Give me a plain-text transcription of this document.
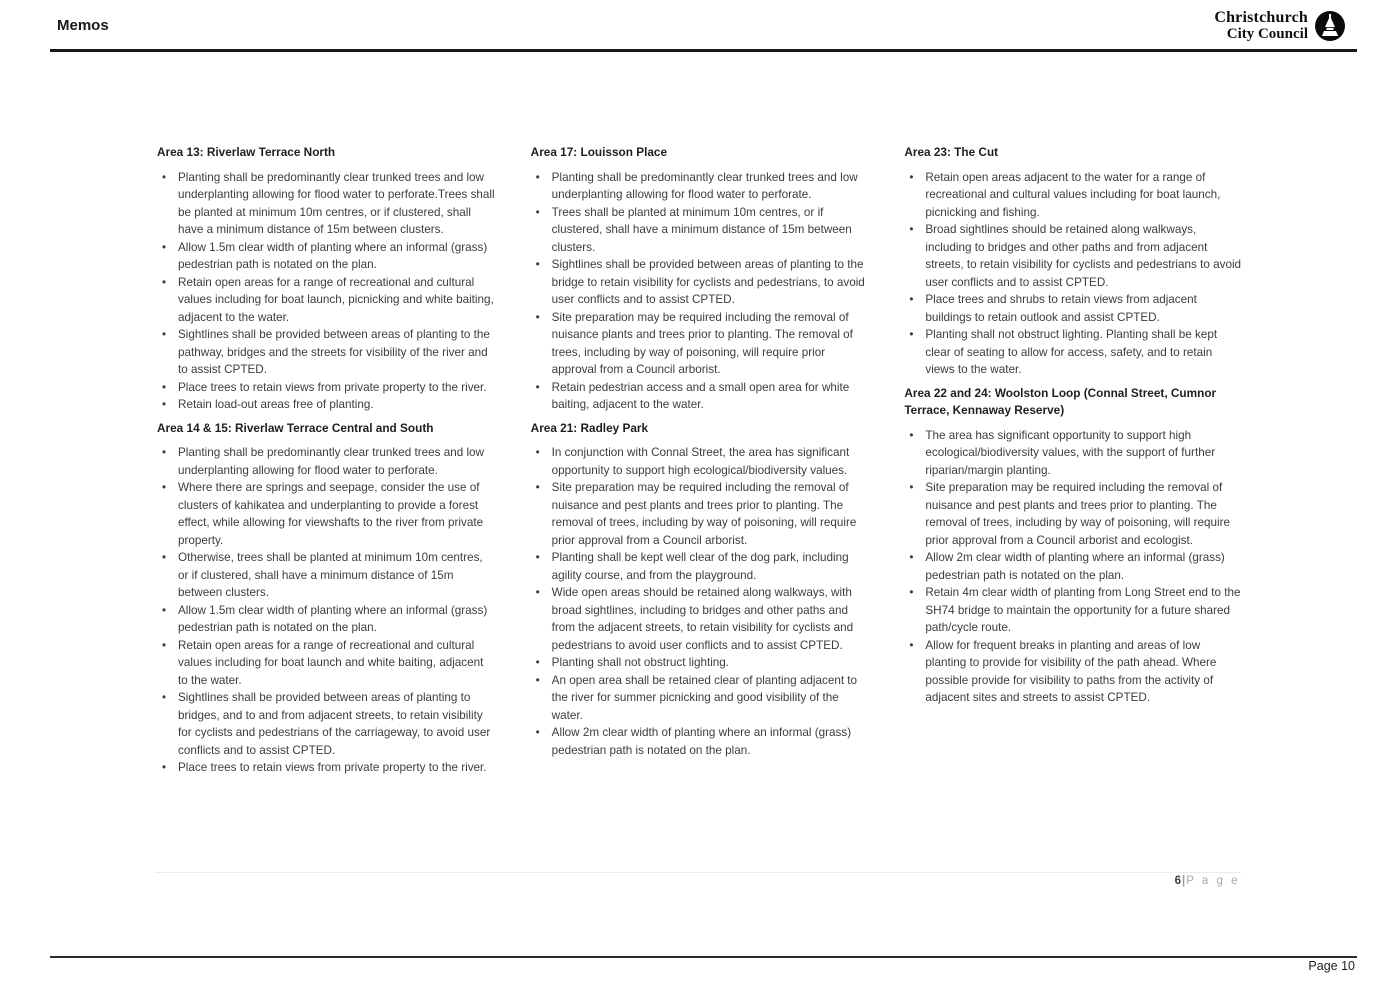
Memos	Christchurch
City Council
Area 13: Riverlaw Terrace North
• Planting shall be predominantly clear trunked trees and low underplanting allowing for flood water to perforate.Trees shall be planted at minimum 10m centres, or if clustered, shall have a minimum distance of 15m between clusters.
• Allow 1.5m clear width of planting where an informal (grass) pedestrian path is notated on the plan.
• Retain open areas for a range of recreational and cultural values including for boat launch, picnicking and white baiting, adjacent to the water.
• Sightlines shall be provided between areas of planting to the pathway, bridges and the streets for visibility of the river and to assist CPTED.
• Place trees to retain views from private property to the river.
• Retain load-out areas free of planting.
Area 14 & 15: Riverlaw Terrace Central and South
• Planting shall be predominantly clear trunked trees and low underplanting allowing for flood water to perforate.
• Where there are springs and seepage, consider the use of clusters of kahikatea and underplanting to provide a forest effect, while allowing for viewshafts to the river from private property.
• Otherwise, trees shall be planted at minimum 10m centres, or if clustered, shall have a minimum distance of 15m between clusters.
• Allow 1.5m clear width of planting where an informal (grass) pedestrian path is notated on the plan.
• Retain open areas for a range of recreational and cultural values including for boat launch and white baiting, adjacent to the water.
• Sightlines shall be provided between areas of planting to bridges, and to and from adjacent streets, to retain visibility for cyclists and pedestrians of the carriageway, to avoid user conflicts and to assist CPTED.
• Place trees to retain views from private property to the river.
Area 17: Louisson Place
• Planting shall be predominantly clear trunked trees and low underplanting allowing for flood water to perforate.
• Trees shall be planted at minimum 10m centres, or if clustered, shall have a minimum distance of 15m between clusters.
• Sightlines shall be provided between areas of planting to the bridge to retain visibility for cyclists and pedestrians, to avoid user conflicts and to assist CPTED.
• Site preparation may be required including the removal of nuisance plants and trees prior to planting. The removal of trees, including by way of poisoning, will require prior approval from a Council arborist.
• Retain pedestrian access and a small open area for white baiting, adjacent to the water.
Area 21: Radley Park
• In conjunction with Connal Street, the area has significant opportunity to support high ecological/biodiversity values.
• Site preparation may be required including the removal of nuisance and pest plants and trees prior to planting. The removal of trees, including by way of poisoning, will require prior approval from a Council arborist.
• Planting shall be kept well clear of the dog park, including agility course, and from the playground.
• Wide open areas should be retained along walkways, with broad sightlines, including to bridges and other paths and from the adjacent streets, to retain visibility for cyclists and pedestrians to avoid user conflicts and to assist CPTED.
• Planting shall not obstruct lighting.
• An open area shall be retained clear of planting adjacent to the river for summer picnicking and good visibility of the water.
• Allow 2m clear width of planting where an informal (grass) pedestrian path is notated on the plan.
Area 23: The Cut
• Retain open areas adjacent to the water for a range of recreational and cultural values including for boat launch, picnicking and fishing.
• Broad sightlines should be retained along walkways, including to bridges and other paths and from adjacent streets, to retain visibility for cyclists and pedestrians to avoid user conflicts and to assist CPTED.
• Place trees and shrubs to retain views from adjacent buildings to retain outlook and assist CPTED.
• Planting shall not obstruct lighting. Planting shall be kept clear of seating to allow for access, safety, and to retain views to the water.
Area 22 and 24: Woolston Loop (Connal Street, Cumnor Terrace, Kennaway Reserve)
• The area has significant opportunity to support high ecological/biodiversity values, with the support of further riparian/margin planting.
• Site preparation may be required including the removal of nuisance and pest plants and trees prior to planting. The removal of trees, including by way of poisoning, will require prior approval from a Council arborist and ecologist.
• Allow 2m clear width of planting where an informal (grass) pedestrian path is notated on the plan.
• Retain 4m clear width of planting from Long Street end to the SH74 bridge to maintain the opportunity for a future shared path/cycle route.
• Allow for frequent breaks in planting and areas of low planting to provide for visibility of the path ahead. Where possible provide for visibility to paths from the activity of adjacent sites and streets to assist CPTED.
6|P a g e
Page 10
